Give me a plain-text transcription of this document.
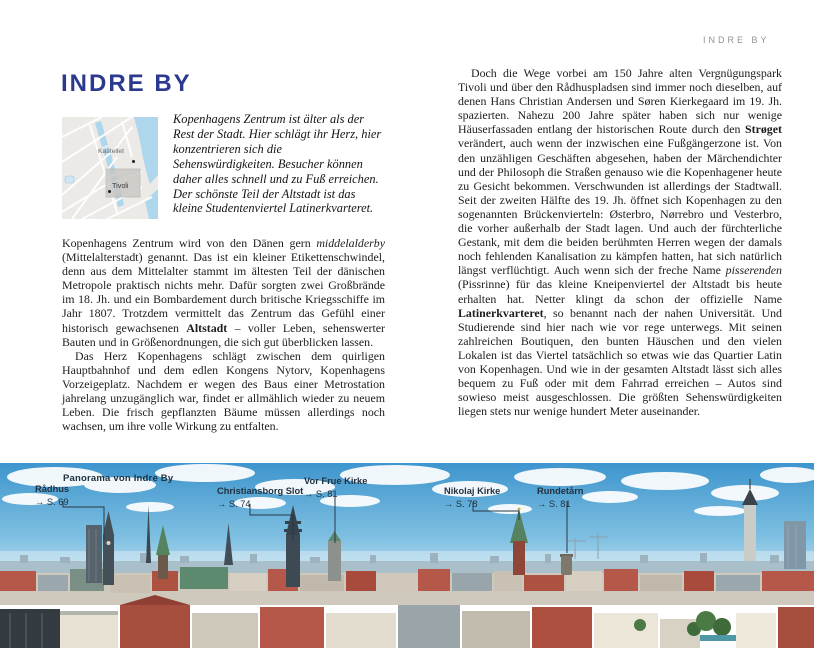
INDRE BY
INDRE BY
Kastellet
Tivoli
Kopenhagens Zentrum ist älter als der Rest der Stadt. Hier schlägt ihr Herz, hier konzentrieren sich die Sehenswürdigkeiten. Besucher können daher alles schnell und zu Fuß erreichen. Der schönste Teil der Altstadt ist das kleine Studentenviertel Latinerkvarteret.

Kopenhagens Zentrum wird von den Dänen gern middelalderby (Mittelalterstadt) genannt. Das ist ein kleiner Etikettenschwindel, denn aus dem Mittelalter stammt im ältesten Teil der dänischen Metropole praktisch nichts mehr. Dafür sorgten zwei Großbrände im 18. Jh. und ein Bombardement durch britische Kriegsschiffe im Jahr 1807. Trotzdem vermittelt das Zentrum das Gefühl einer historisch gewachsenen Altstadt – voller Leben, sehenswerter Bauten und in Größenordnungen, die sich gut überblicken lassen.

Das Herz Kopenhagens schlägt zwischen dem quirligen Hauptbahnhof und dem edlen Kongens Nytorv, Kopenhagens Vorzeigeplatz. Nachdem er wegen des Baus einer Metrostation jahrelang unzugänglich war, findet er allmählich wieder zu neuem Leben. Die frisch gepflanzten Bäume müssen allerdings noch wachsen, um ihre volle Wirkung zu entfalten.

Doch die Wege vorbei am 150 Jahre alten Vergnügungspark Tivoli und über den Rådhuspladsen sind immer noch dieselben, auf denen Hans Christian Andersen und Søren Kierkegaard im 19. Jh. spazierten. Nahezu 200 Jahre später haben sich nur wenige Häuserfassaden entlang der historischen Route durch den Strøget verändert, auch wenn der inzwischen eine Fußgängerzone ist. Von den unzähligen Geschäften abgesehen, haben der Märchendichter und der Philosoph die Straßen genauso wie die Kopenhagener heute zu Gesicht bekommen. Verschwunden ist allerdings der Stadtwall. Seit der zweiten Hälfte des 19. Jh. öffnet sich Kopenhagen zu den sogenannten Brückenvierteln: Østerbro, Nørrebro und Vesterbro, die vorher außerhalb der Stadt lagen. Und auch der fürchterliche Gestank, mit dem die beiden berühmten Herren wegen der damals noch fehlenden Kanalisation zu kämpfen hatten, hat sich natürlich längst verflüchtigt. Auch wenn sich der freche Name pisserenden (Pissrinne) für das kleine Kneipenviertel der Altstadt bis heute erhalten hat. Netter klingt da schon der offizielle Name Latinerkvarteret, so benannt nach der nahen Universität. Und Studierende sind hier nach wie vor rege unterwegs. Mit seinen zahlreichen Boutiquen, den bunten Häuschen und den vielen Lokalen ist das Viertel tatsächlich so etwas wie das Quartier Latin von Kopenhagen. Und wie in der gesamten Altstadt lässt sich alles bequem zu Fuß oder mit dem Fahrrad erreichen – Autos sind sowieso meist ausgeschlossen. Die größten Sehenswürdigkeiten liegen stets nur wenige hundert Meter auseinander.

Panorama von Indre By
Rådhus
→ S. 69
Christiansborg Slot
→ S. 74
Vor Frue Kirke
→ S. 81	Nikolaj Kirke
→ S. 78
Rundetårn
→ S. 81
